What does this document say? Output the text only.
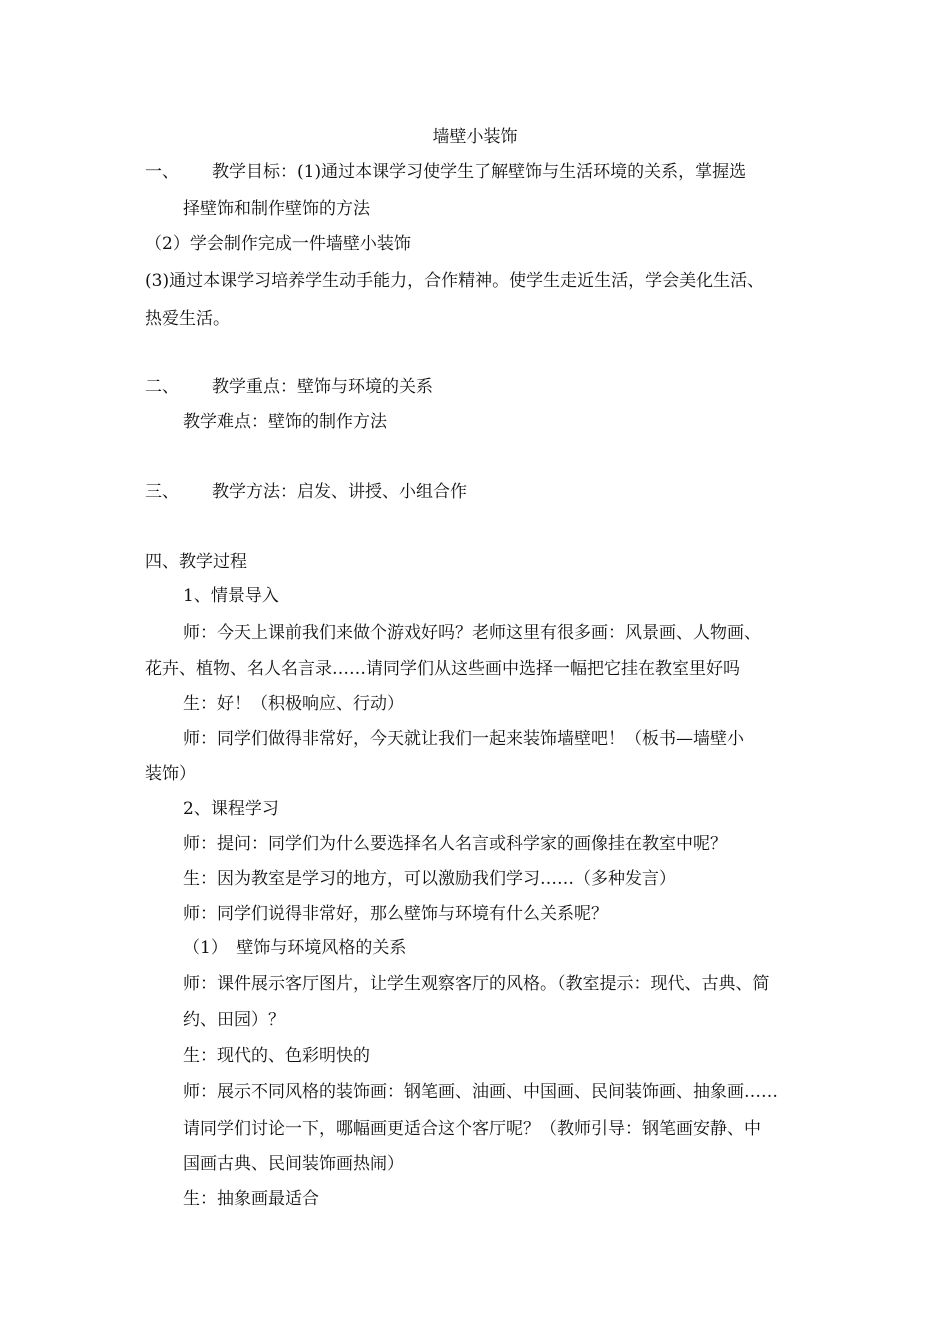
墙壁小装饰
一、 教学目标：(1)通过本课学习使学生了解壁饰与生活环境的关系，掌握选
择壁饰和制作壁饰的方法
（2）学会制作完成一件墙壁小装饰
(3)通过本课学习培养学生动手能力，合作精神。使学生走近生活，学会美化生活、
热爱生活。
二、 教学重点：壁饰与环境的关系
教学难点：壁饰的制作方法
三、 教学方法：启发、讲授、小组合作
四、教学过程
1、情景导入
师：今天上课前我们来做个游戏好吗？老师这里有很多画：风景画、人物画、
花卉、植物、名人名言录……请同学们从这些画中选择一幅把它挂在教室里好吗
生：好！（积极响应、行动）
师：同学们做得非常好，今天就让我们一起来装饰墙壁吧！（板书—墙壁小
装饰）
2、课程学习
师：提问：同学们为什么要选择名人名言或科学家的画像挂在教室中呢？
生：因为教室是学习的地方，可以激励我们学习……（多种发言）
师：同学们说得非常好，那么壁饰与环境有什么关系呢？
（1）　壁饰与环境风格的关系
师：课件展示客厅图片，让学生观察客厅的风格。（教室提示：现代、古典、简
约、田园）？
生：现代的、色彩明快的
师：展示不同风格的装饰画：钢笔画、油画、中国画、民间装饰画、抽象画……
请同学们讨论一下，哪幅画更适合这个客厅呢？（教师引导：钢笔画安静、中
国画古典、民间装饰画热闹）
生：抽象画最适合
